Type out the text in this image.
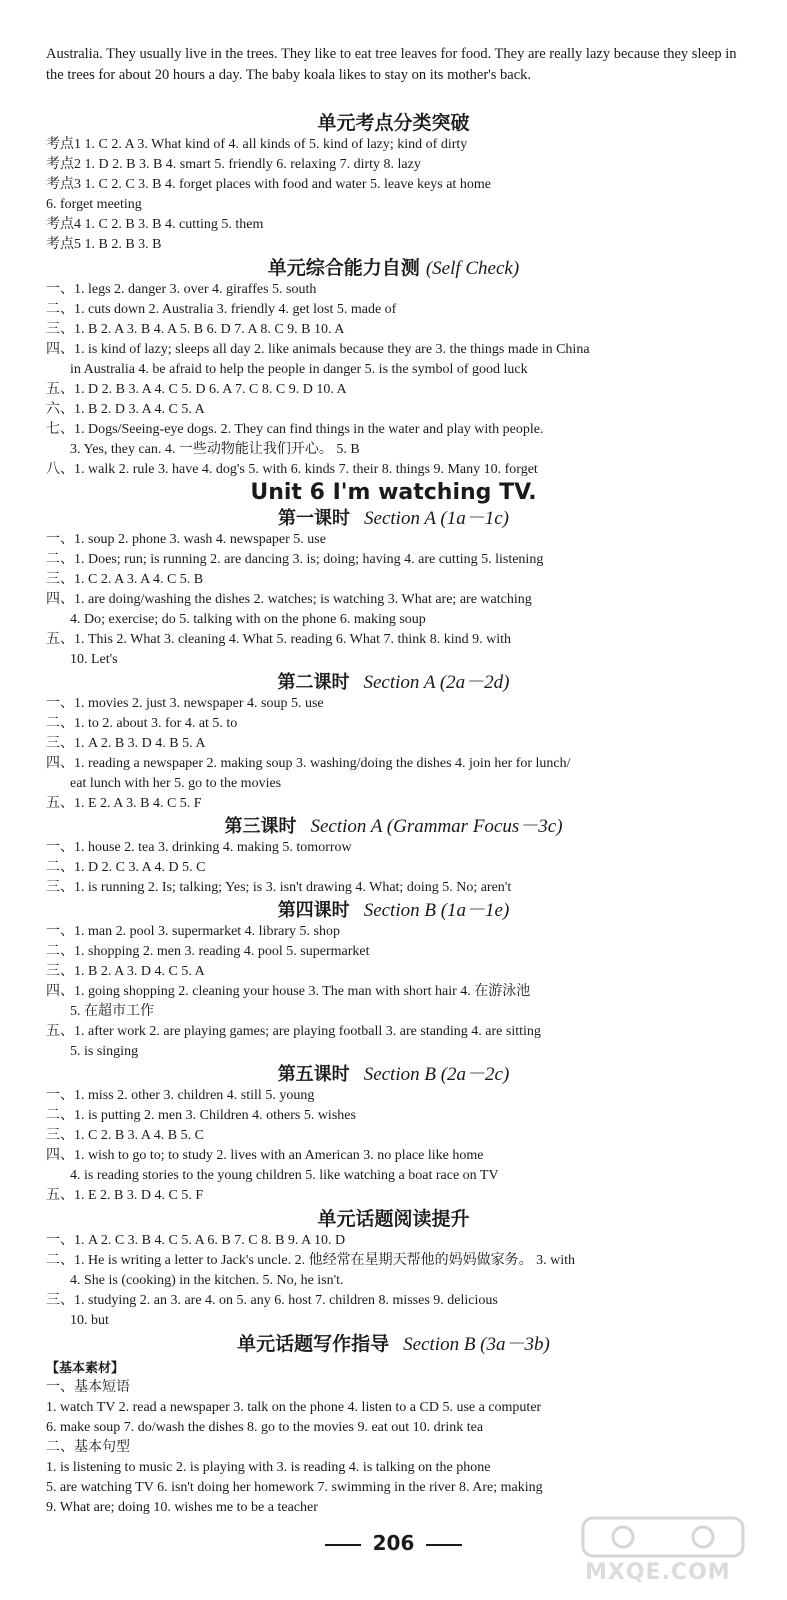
Australia. They usually live in the trees. They like to eat tree leaves for food. They are really lazy because they sleep in the trees for about 20 hours a day. The baby koala likes to stay on its mother's back.
单元考点分类突破
考点1 1. C 2. A 3. What kind of 4. all kinds of 5. kind of lazy; kind of dirty
考点2 1. D 2. B 3. B 4. smart 5. friendly 6. relaxing 7. dirty 8. lazy
考点3 1. C 2. C 3. B 4. forget places with food and water 5. leave keys at home
6. forget meeting
考点4 1. C 2. B 3. B 4. cutting 5. them
考点5 1. B 2. B 3. B
单元综合能力自测 (Self Check)
一、1. legs 2. danger 3. over 4. giraffes 5. south
二、1. cuts down 2. Australia 3. friendly 4. get lost 5. made of
三、1. B 2. A 3. B 4. A 5. B 6. D 7. A 8. C 9. B 10. A
四、1. is kind of lazy; sleeps all day 2. like animals because they are 3. the things made in China
in Australia 4. be afraid to help the people in danger 5. is the symbol of good luck
五、1. D 2. B 3. A 4. C 5. D 6. A 7. C 8. C 9. D 10. A
六、1. B 2. D 3. A 4. C 5. A
七、1. Dogs/Seeing-eye dogs. 2. They can find things in the water and play with people.
3. Yes, they can. 4. 一些动物能让我们开心。 5. B
八、1. walk 2. rule 3. have 4. dog's 5. with 6. kinds 7. their 8. things 9. Many 10. forget
Unit 6 I'm watching TV.
第一课时 Section A (1a－1c)
一、1. soup 2. phone 3. wash 4. newspaper 5. use
二、1. Does; run; is running 2. are dancing 3. is; doing; having 4. are cutting 5. listening
三、1. C 2. A 3. A 4. C 5. B
四、1. are doing/washing the dishes 2. watches; is watching 3. What are; are watching
4. Do; exercise; do 5. talking with on the phone 6. making soup
五、1. This 2. What 3. cleaning 4. What 5. reading 6. What 7. think 8. kind 9. with
10. Let's
第二课时 Section A (2a－2d)
一、1. movies 2. just 3. newspaper 4. soup 5. use
二、1. to 2. about 3. for 4. at 5. to
三、1. A 2. B 3. D 4. B 5. A
四、1. reading a newspaper 2. making soup 3. washing/doing the dishes 4. join her for lunch/
eat lunch with her 5. go to the movies
五、1. E 2. A 3. B 4. C 5. F
第三课时 Section A (Grammar Focus－3c)
一、1. house 2. tea 3. drinking 4. making 5. tomorrow
二、1. D 2. C 3. A 4. D 5. C
三、1. is running 2. Is; talking; Yes; is 3. isn't drawing 4. What; doing 5. No; aren't
第四课时 Section B (1a－1e)
一、1. man 2. pool 3. supermarket 4. library 5. shop
二、1. shopping 2. men 3. reading 4. pool 5. supermarket
三、1. B 2. A 3. D 4. C 5. A
四、1. going shopping 2. cleaning your house 3. The man with short hair 4. 在游泳池
5. 在超市工作
五、1. after work 2. are playing games; are playing football 3. are standing 4. are sitting
5. is singing
第五课时 Section B (2a－2c)
一、1. miss 2. other 3. children 4. still 5. young
二、1. is putting 2. men 3. Children 4. others 5. wishes
三、1. C 2. B 3. A 4. B 5. C
四、1. wish to go to; to study 2. lives with an American 3. no place like home
4. is reading stories to the young children 5. like watching a boat race on TV
五、1. E 2. B 3. D 4. C 5. F
单元话题阅读提升
一、1. A 2. C 3. B 4. C 5. A 6. B 7. C 8. B 9. A 10. D
二、1. He is writing a letter to Jack's uncle. 2. 他经常在星期天帮他的妈妈做家务。 3. with
4. She is (cooking) in the kitchen. 5. No, he isn't.
三、1. studying 2. an 3. are 4. on 5. any 6. host 7. children 8. misses 9. delicious
10. but
单元话题写作指导 Section B (3a－3b)
【基本素材】
一、基本短语
1. watch TV 2. read a newspaper 3. talk on the phone 4. listen to a CD 5. use a computer
6. make soup 7. do/wash the dishes 8. go to the movies 9. eat out 10. drink tea
二、基本句型
1. is listening to music 2. is playing with 3. is reading 4. is talking on the phone
5. are watching TV 6. isn't doing her homework 7. swimming in the river 8. Are; making
9. What are; doing 10. wishes me to be a teacher
206
MXQE.COM
